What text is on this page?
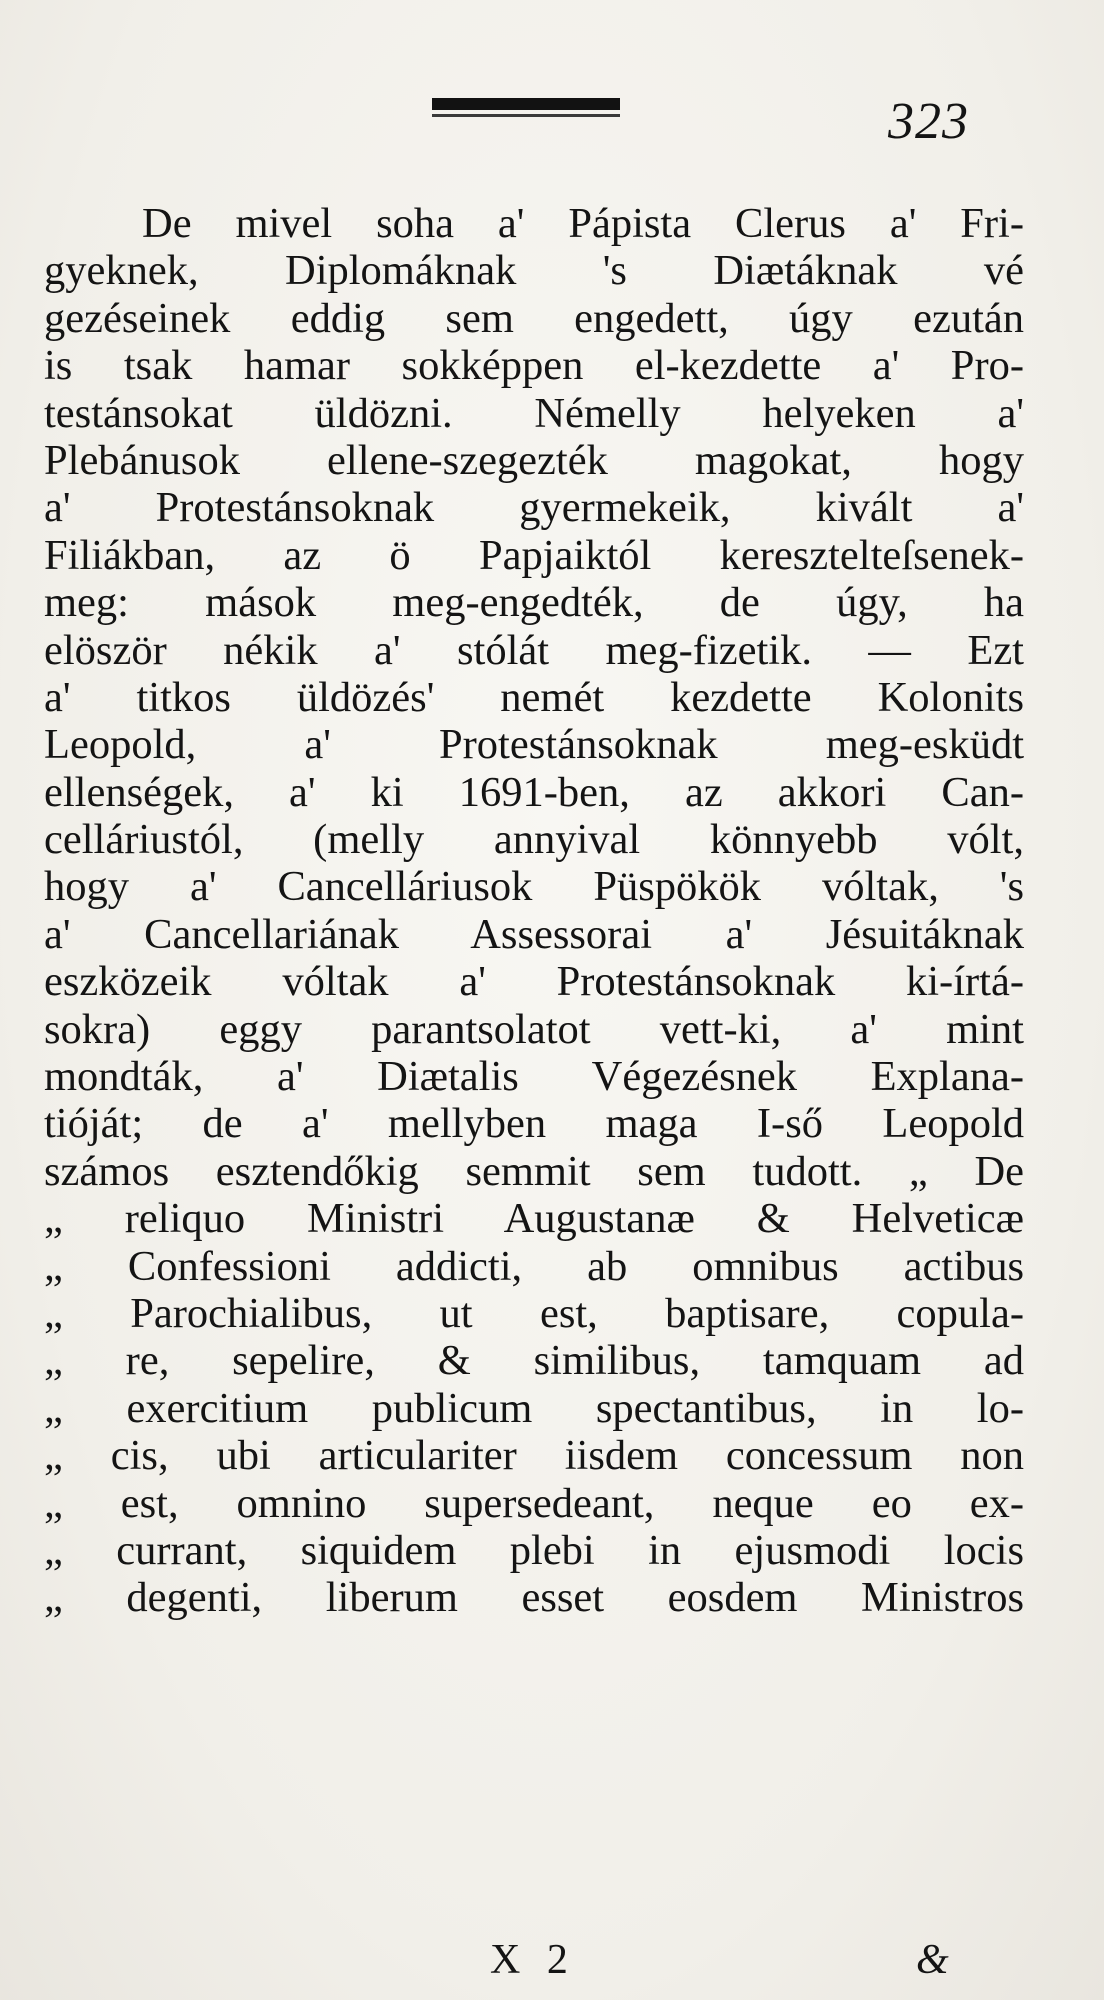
323
De mivel soha a' Pápista Clerus a' Fri-
gyeknek, Diplomáknak 's Diætáknak vé
gezéseinek eddig sem engedett, úgy ezután
is tsak hamar sokképpen el-kezdette a' Pro-
testánsokat üldözni. Némelly helyeken a'
Plebánusok ellene-szegezték magokat, hogy
a' Protestánsoknak gyermekeik, kivált a'
Filiákban, az ö Papjaiktól keresztelteſsenek-
meg: mások meg-engedték, de úgy, ha
elöször nékik a' stólát meg-fizetik. — Ezt
a' titkos üldözés' nemét kezdette Kolonits
Leopold, a' Protestánsoknak meg-esküdt
ellenségek, a' ki 1691-ben, az akkori Can-
celláriustól, (melly annyival könnyebb vólt,
hogy a' Cancelláriusok Püspökök vóltak, 's
a' Cancellariának Assessorai a' Jésuitáknak
eszközeik vóltak a' Protestánsoknak ki-írtá-
sokra) eggy parantsolatot vett-ki, a' mint
mondták, a' Diætalis Végezésnek Explana-
tióját; de a' mellyben maga I-ső Leopold
számos esztendőkig semmit sem tudott. „ De
„ reliquo Ministri Augustanæ & Helveticæ
„ Confessioni addicti, ab omnibus actibus
„ Parochialibus, ut est, baptisare, copula-
„ re, sepelire, & similibus, tamquam ad
„ exercitium publicum spectantibus, in lo-
„ cis, ubi articulariter iisdem concessum non
„ est, omnino supersedeant, neque eo ex-
„ currant, siquidem plebi in ejusmodi locis
„ degenti, liberum esset eosdem Ministros
X 2	&
